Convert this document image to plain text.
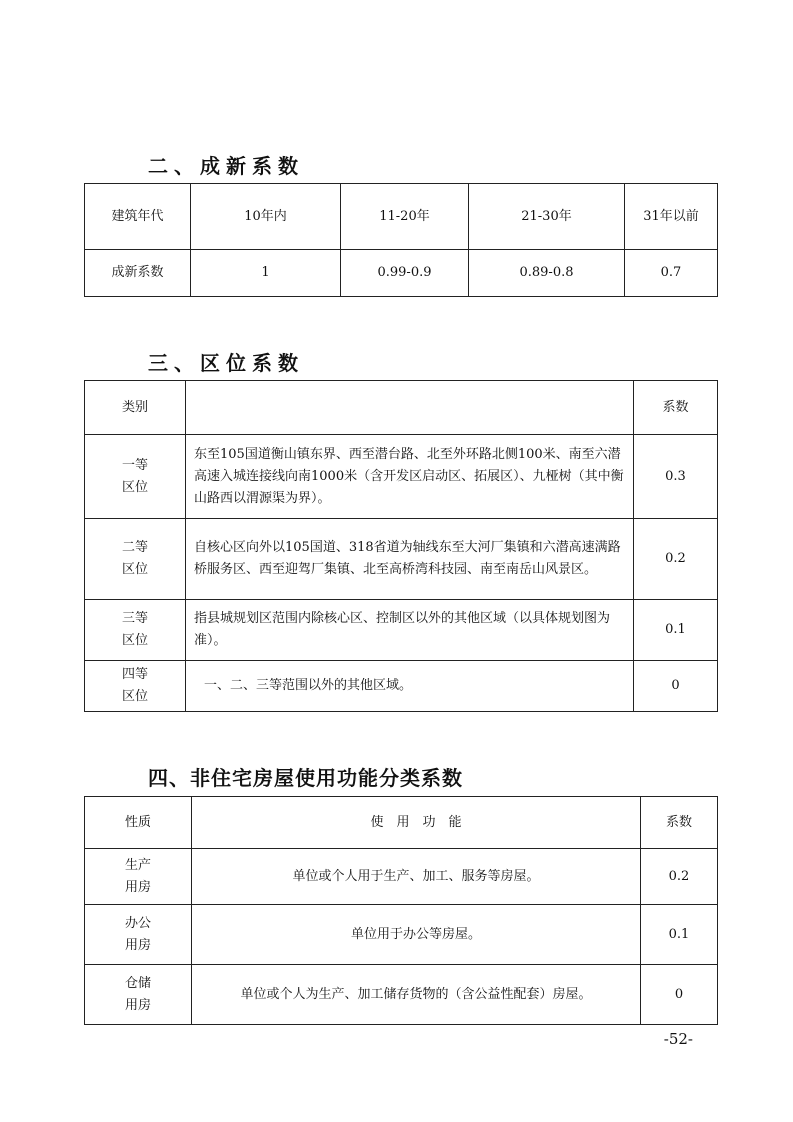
二、成新系数
建筑年代	10年内	11-20年	21-30年	31年以前
成新系数	1	0.99-0.9	0.89-0.8	0.7
三、区位系数
类别		系数

一等
区位	东至105国道衡山镇东界、西至潜台路、北至外环路北侧100米、南至六潜高速入城连接线向南1000米（含开发区启动区、拓展区）、九桠树（其中衡山路西以渭源渠为界）。	0.3

二等
区位	自核心区向外以105国道、318省道为轴线东至大河厂集镇和六潜高速满路桥服务区、西至迎驾厂集镇、北至高桥湾科技园、南至南岳山风景区。	0.2

三等
区位	指县城规划区范围内除核心区、控制区以外的其他区域（以具体规划图为准）。	0.1

四等
区位	一、二、三等范围以外的其他区域。	0
四、非住宅房屋使用功能分类系数
性质	使　用　功　能	系数

生产
用房	单位或个人用于生产、加工、服务等房屋。	0.2

办公
用房	单位用于办公等房屋。	0.1

仓储
用房	单位或个人为生产、加工储存货物的（含公益性配套）房屋。	0
-52-
